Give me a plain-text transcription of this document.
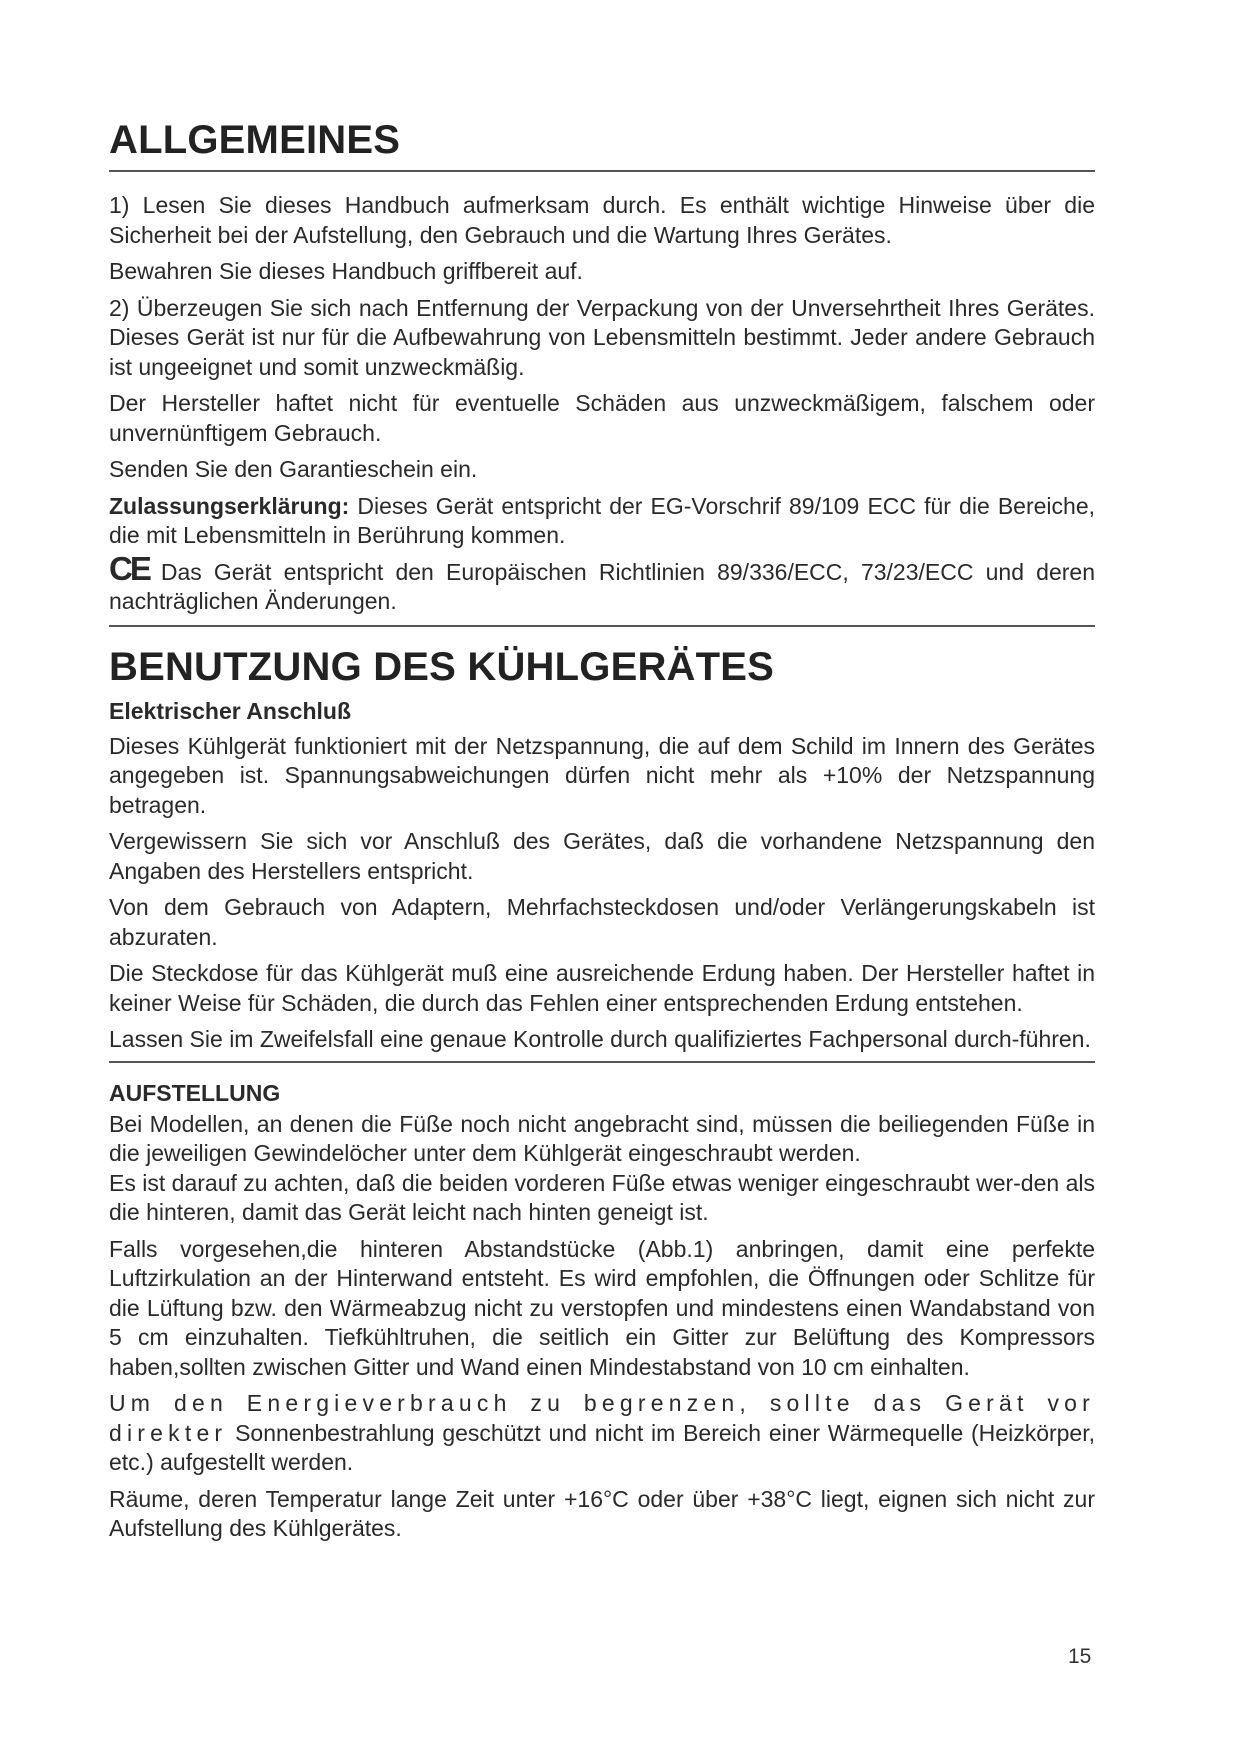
ALLGEMEINES

1) Lesen Sie dieses Handbuch aufmerksam durch. Es enthält wichtige Hinweise über die Sicherheit bei der Aufstellung, den Gebrauch und die Wartung Ihres Gerätes.

Bewahren Sie dieses Handbuch griffbereit auf.

2) Überzeugen Sie sich nach Entfernung der Verpackung von der Unversehrtheit Ihres Gerätes. Dieses Gerät ist nur für die Aufbewahrung von Lebensmitteln bestimmt. Jeder andere Gebrauch ist ungeeignet und somit unzweckmäßig.

Der Hersteller haftet nicht für eventuelle Schäden aus unzweckmäßigem, falschem oder unvernünftigem Gebrauch.

Senden Sie den Garantieschein ein.

Zulassungserklärung: Dieses Gerät entspricht der EG-Vorschrif 89/109 ECC für die Bereiche, die mit Lebensmitteln in Berührung kommen.

CE Das Gerät entspricht den Europäischen Richtlinien 89/336/ECC, 73/23/ECC und deren nachträglichen Änderungen.

BENUTZUNG DES KÜHLGERÄTES
Elektrischer Anschluß

Dieses Kühlgerät funktioniert mit der Netzspannung, die auf dem Schild im Innern des Gerätes angegeben ist. Spannungsabweichungen dürfen nicht mehr als +10% der Netzspannung betragen.

Vergewissern Sie sich vor Anschluß des Gerätes, daß die vorhandene Netzspannung den Angaben des Herstellers entspricht.

Von dem Gebrauch von Adaptern, Mehrfachsteckdosen und/oder Verlängerungskabeln ist abzuraten.

Die Steckdose für das Kühlgerät muß eine ausreichende Erdung haben. Der Hersteller haftet in keiner Weise für Schäden, die durch das Fehlen einer entsprechenden Erdung entstehen.

Lassen Sie im Zweifelsfall eine genaue Kontrolle durch qualifiziertes Fachpersonal durch-führen.

AUFSTELLUNG

Bei Modellen, an denen die Füße noch nicht angebracht sind, müssen die beiliegenden Füße in die jeweiligen Gewindelöcher unter dem Kühlgerät eingeschraubt werden.

Es ist darauf zu achten, daß die beiden vorderen Füße etwas weniger eingeschraubt wer-den als die hinteren, damit das Gerät leicht nach hinten geneigt ist.

Falls vorgesehen,die hinteren Abstandstücke (Abb.1) anbringen, damit eine perfekte Luftzirkulation an der Hinterwand entsteht. Es wird empfohlen, die Öffnungen oder Schlitze für die Lüftung bzw. den Wärmeabzug nicht zu verstopfen und mindestens einen Wandabstand von 5 cm einzuhalten. Tiefkühltruhen, die seitlich ein Gitter zur Belüftung des Kompressors haben,sollten zwischen Gitter und Wand einen Mindestabstand von 10 cm einhalten.

Um den Energieverbrauch zu begrenzen, sollte das Gerät vor direkter Sonnenbestrahlung geschützt und nicht im Bereich einer Wärmequelle (Heizkörper, etc.) aufgestellt werden.

Räume, deren Temperatur lange Zeit unter +16°C oder über +38°C liegt, eignen sich nicht zur Aufstellung des Kühlgerätes.

15
